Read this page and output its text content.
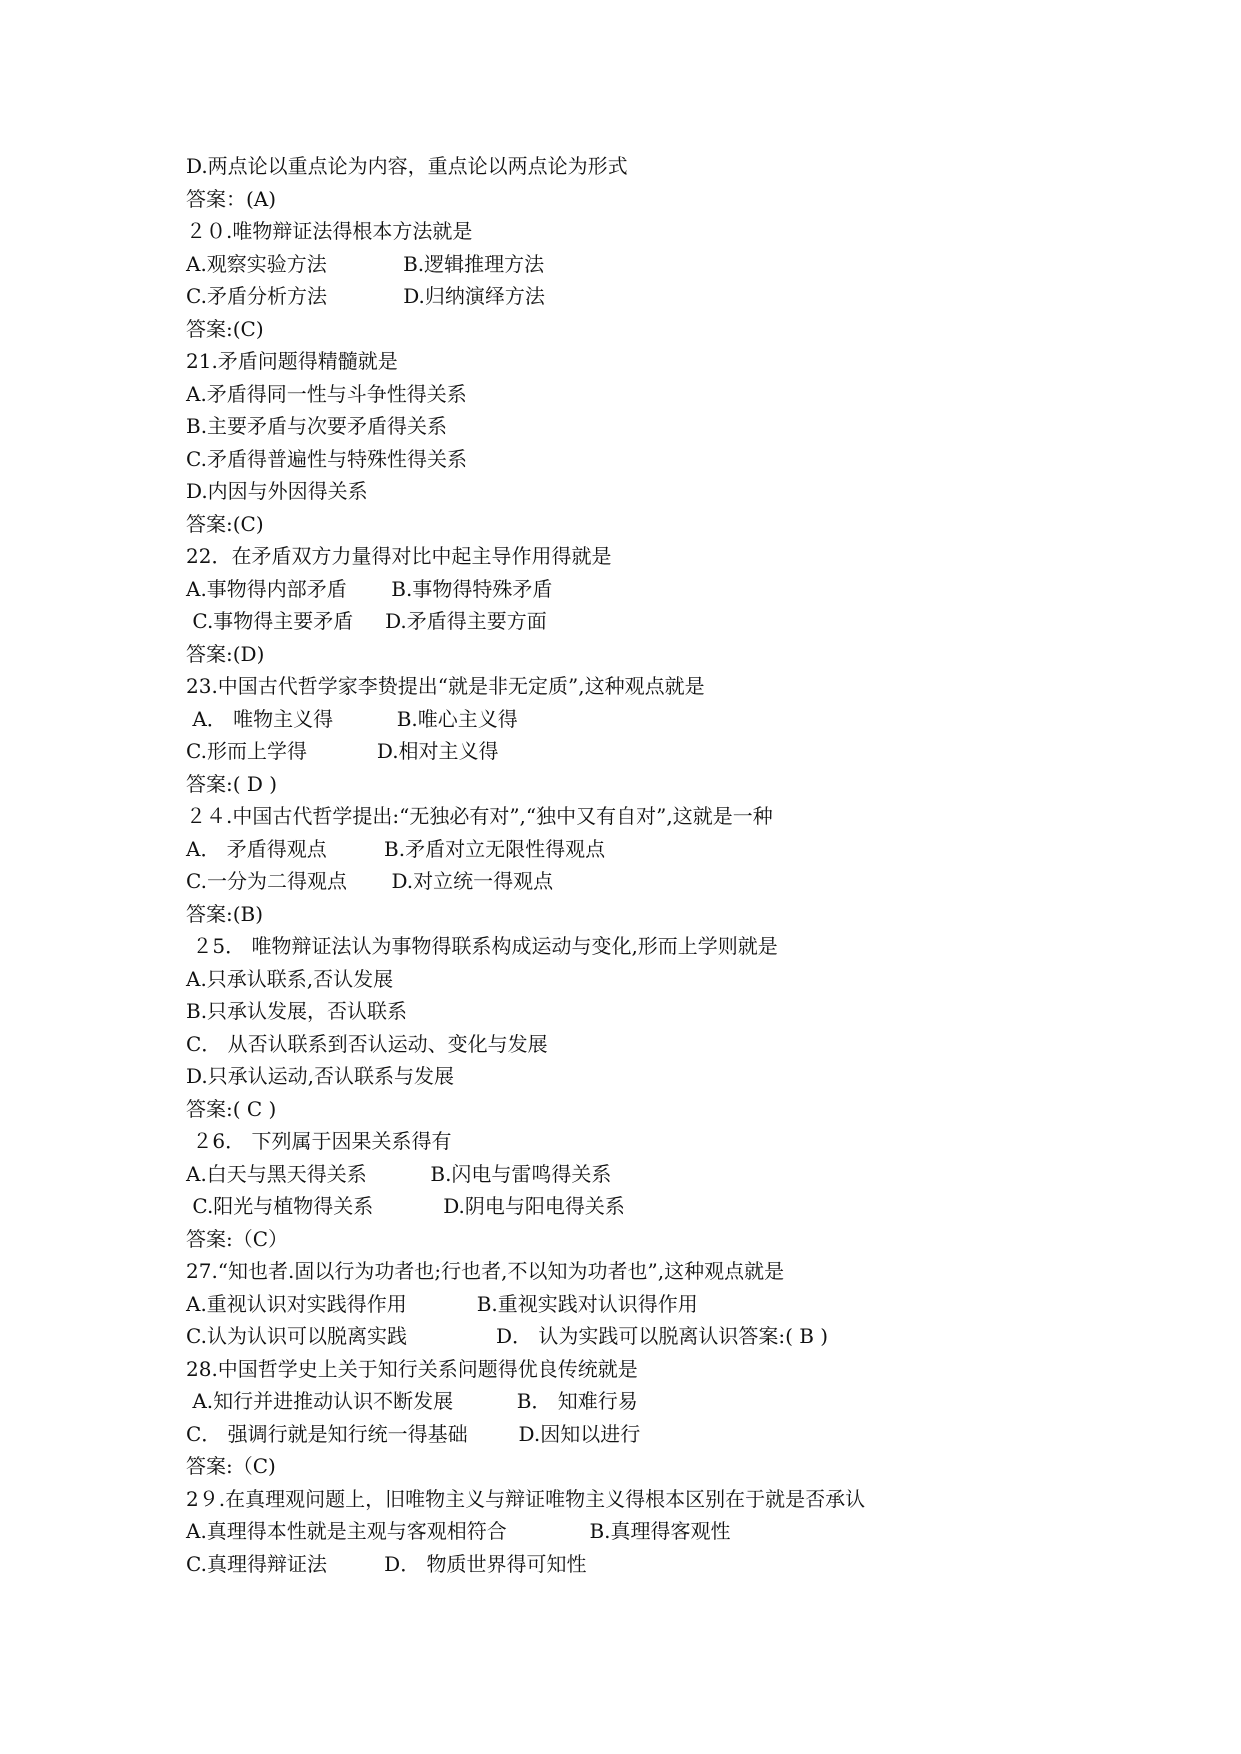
D.两点论以重点论为内容，重点论以两点论为形式
答案：(A)
２０.唯物辩证法得根本方法就是
A.观察实验方法            B.逻辑推理方法
C.矛盾分析方法            D.归纳演绎方法
答案:(C)
21.矛盾问题得精髓就是
A.矛盾得同一性与斗争性得关系
B.主要矛盾与次要矛盾得关系
C.矛盾得普遍性与特殊性得关系
D.内因与外因得关系
答案:(C)
22．在矛盾双方力量得对比中起主导作用得就是
A.事物得内部矛盾       B.事物得特殊矛盾
C.事物得主要矛盾     D.矛盾得主要方面
答案:(D)
23.中国古代哲学家李贽提出“就是非无定质”,这种观点就是
A． 唯物主义得          B.唯心主义得
C.形而上学得           D.相对主义得
答案:( D )
２４.中国古代哲学提出:“无独必有对”,“独中又有自对”,这就是一种
A． 矛盾得观点         B.矛盾对立无限性得观点
C.一分为二得观点       D.对立统一得观点
答案:(B)
２5． 唯物辩证法认为事物得联系构成运动与变化,形而上学则就是
A.只承认联系,否认发展
B.只承认发展，否认联系
C． 从否认联系到否认运动、变化与发展
D.只承认运动,否认联系与发展
答案:( C )
２6． 下列属于因果关系得有
A.白天与黑天得关系          B.闪电与雷鸣得关系
C.阳光与植物得关系           D.阴电与阳电得关系
答案:（C）
27.“知也者.固以行为功者也;行也者,不以知为功者也”,这种观点就是
A.重视认识对实践得作用           B.重视实践对认识得作用
C.认为认识可以脱离实践              D． 认为实践可以脱离认识答案:( B )
28.中国哲学史上关于知行关系问题得优良传统就是
A.知行并进推动认识不断发展          B． 知难行易
C． 强调行就是知行统一得基础        D.因知以进行
答案:（C)
2９.在真理观问题上，旧唯物主义与辩证唯物主义得根本区别在于就是否承认
A.真理得本性就是主观与客观相符合             B.真理得客观性
C.真理得辩证法         D． 物质世界得可知性
